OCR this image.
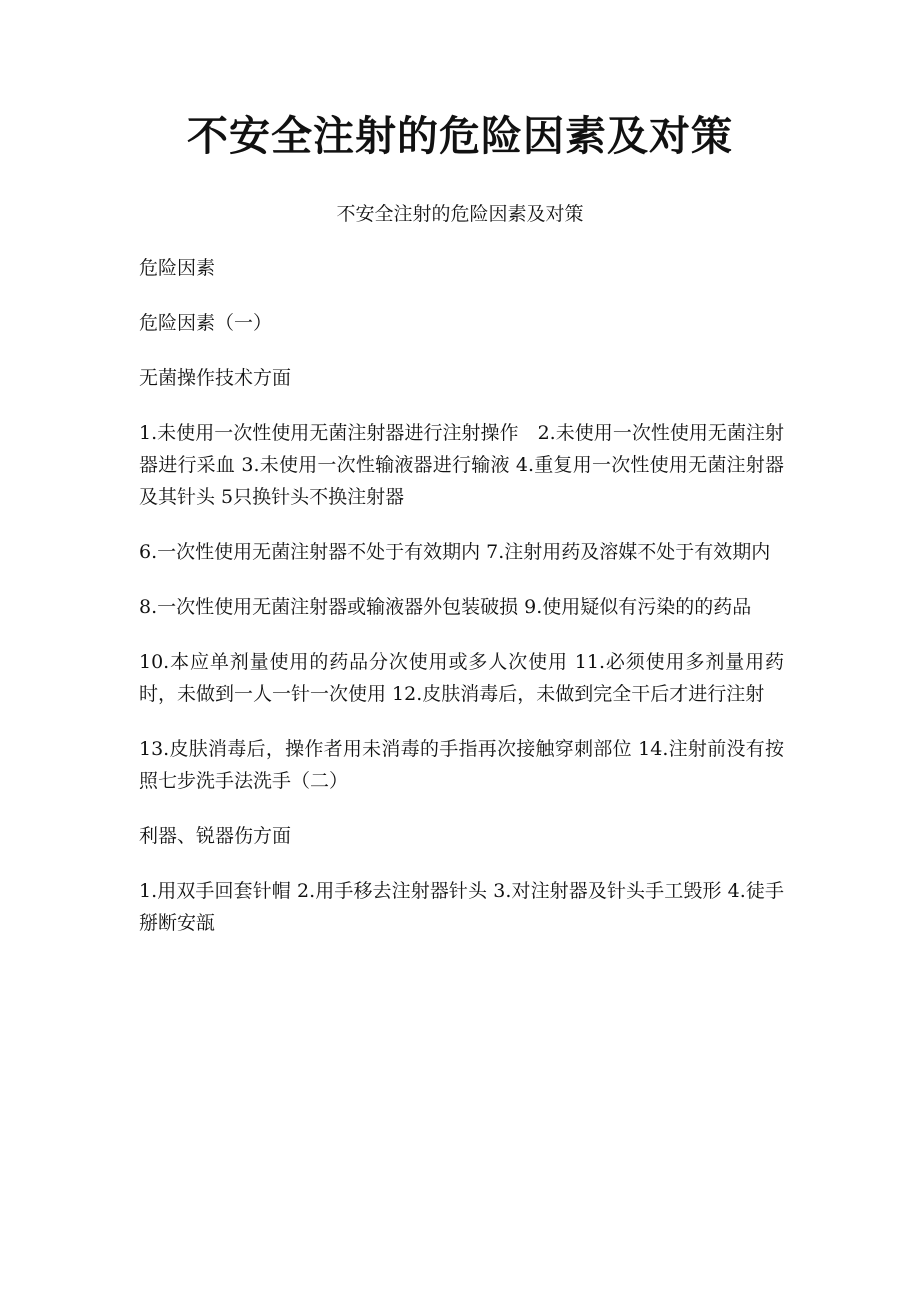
不安全注射的危险因素及对策
不安全注射的危险因素及对策

危险因素

危险因素（一）

无菌操作技术方面

1.未使用一次性使用无菌注射器进行注射操作　2.未使用一次性使用无菌注射器进行采血 3.未使用一次性输液器进行输液 4.重复用一次性使用无菌注射器及其针头 5只换针头不换注射器

6.一次性使用无菌注射器不处于有效期内 7.注射用药及溶媒不处于有效期内

8.一次性使用无菌注射器或输液器外包装破损 9.使用疑似有污染的的药品

10.本应单剂量使用的药品分次使用或多人次使用 11.必须使用多剂量用药时，未做到一人一针一次使用 12.皮肤消毒后，未做到完全干后才进行注射

13.皮肤消毒后，操作者用未消毒的手指再次接触穿刺部位 14.注射前没有按照七步洗手法洗手（二）

利器、锐器伤方面

1.用双手回套针帽 2.用手移去注射器针头 3.对注射器及针头手工毁形 4.徒手掰断安瓿
